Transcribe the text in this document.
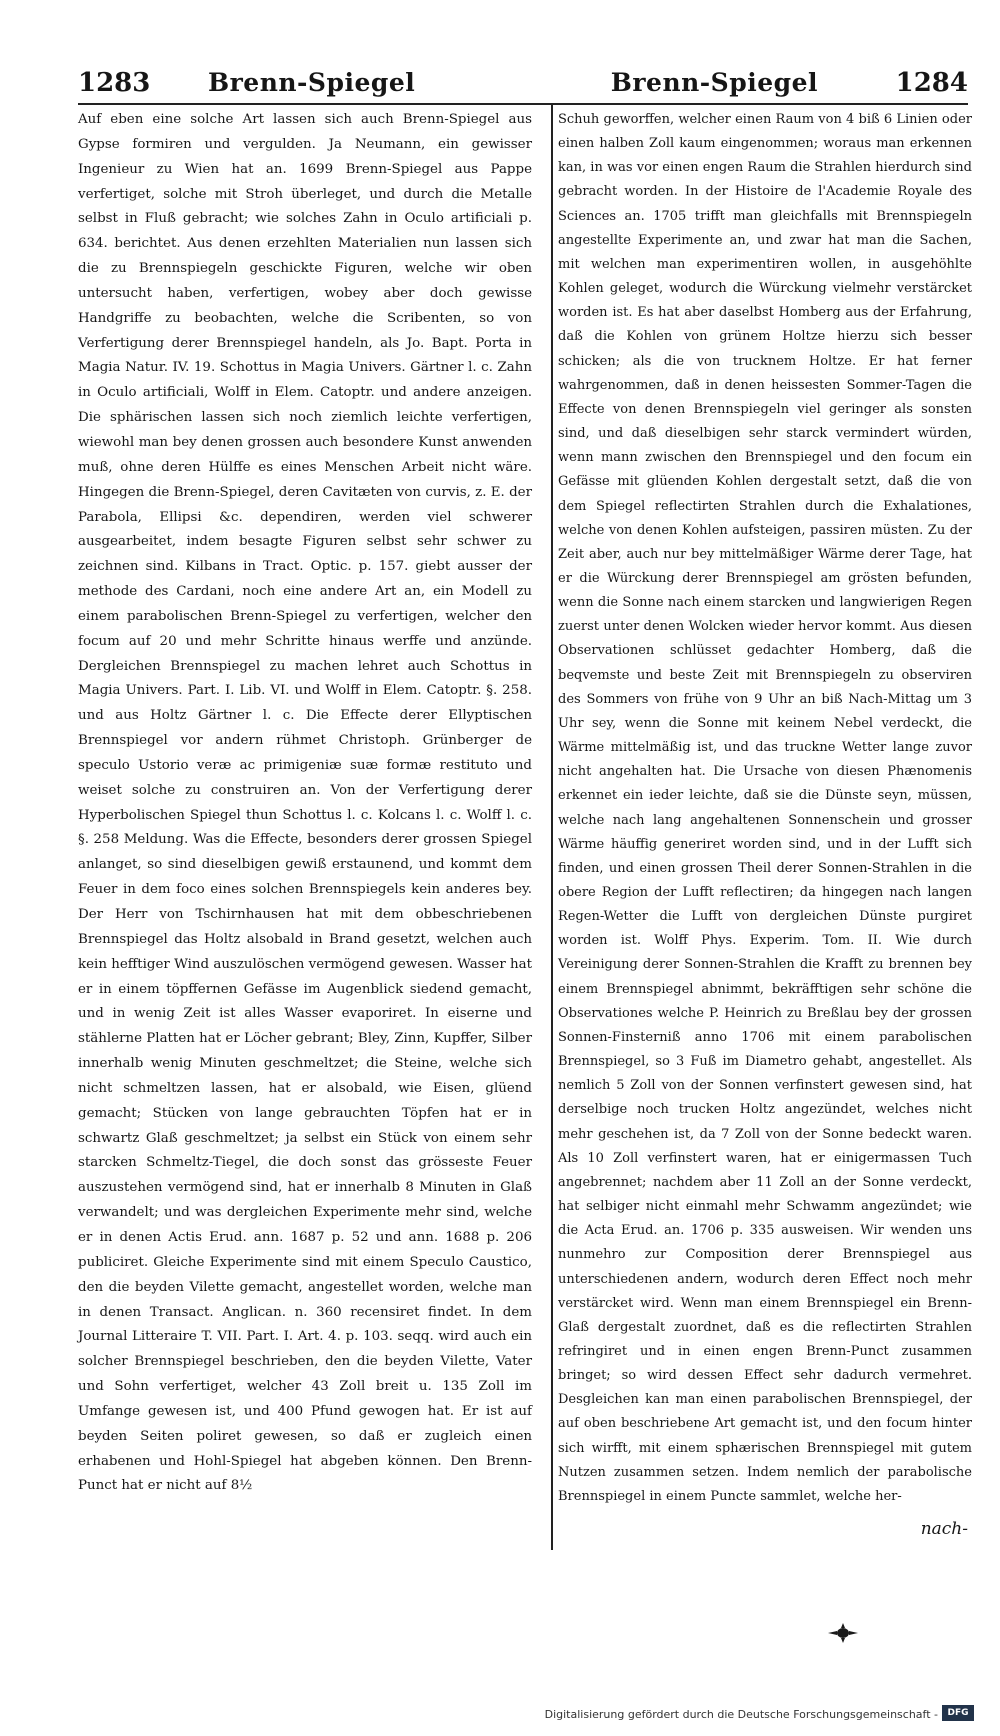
1283 Brenn-Spiegel	Brenn-Spiegel	1284

Auf eben eine solche Art lassen sich auch Brenn-Spiegel aus Gypse formiren und vergulden. Ja Neumann, ein gewisser Ingenieur zu Wien hat an. 1699 Brenn-Spiegel aus Pappe verfertiget, solche mit Stroh überleget, und durch die Metalle selbst in Fluß gebracht; wie solches Zahn in Oculo artificiali p. 634. berichtet. Aus denen erzehlten Materialien nun lassen sich die zu Brennspiegeln geschickte Figuren, welche wir oben untersucht haben, verfertigen, wobey aber doch gewisse Handgriffe zu beobachten, welche die Scribenten, so von Verfertigung derer Brennspiegel handeln, als Jo. Bapt. Porta in Magia Natur. IV. 19. Schottus in Magia Univers. Gärtner l. c. Zahn in Oculo artificiali, Wolff in Elem. Catoptr. und andere anzeigen. Die sphärischen lassen sich noch ziemlich leichte verfertigen, wiewohl man bey denen grossen auch besondere Kunst anwenden muß, ohne deren Hülffe es eines Menschen Arbeit nicht wäre. Hingegen die Brenn-Spiegel, deren Cavitæten von curvis, z. E. der Parabola, Ellipsi &c. dependiren, werden viel schwerer ausgearbeitet, indem besagte Figuren selbst sehr schwer zu zeichnen sind. Kilbans in Tract. Optic. p. 157. giebt ausser der methode des Cardani, noch eine andere Art an, ein Modell zu einem parabolischen Brenn-Spiegel zu verfertigen, welcher den focum auf 20 und mehr Schritte hinaus werffe und anzünde. Dergleichen Brennspiegel zu machen lehret auch Schottus in Magia Univers. Part. I. Lib. VI. und Wolff in Elem. Catoptr. §. 258. und aus Holtz Gärtner l. c. Die Effecte derer Ellyptischen Brennspiegel vor andern rühmet Christoph. Grünberger de speculo Ustorio veræ ac primigeniæ suæ formæ restituto und weiset solche zu construiren an. Von der Verfertigung derer Hyperbolischen Spiegel thun Schottus l. c. Kolcans l. c. Wolff l. c. §. 258 Meldung. Was die Effecte, besonders derer grossen Spiegel anlanget, so sind dieselbigen gewiß erstaunend, und kommt dem Feuer in dem foco eines solchen Brennspiegels kein anderes bey. Der Herr von Tschirnhausen hat mit dem obbeschriebenen Brennspiegel das Holtz alsobald in Brand gesetzt, welchen auch kein hefftiger Wind auszulöschen vermögend gewesen. Wasser hat er in einem töpffernen Gefässe im Augenblick siedend gemacht, und in wenig Zeit ist alles Wasser evaporiret. In eiserne und stählerne Platten hat er Löcher gebrant; Bley, Zinn, Kupffer, Silber innerhalb wenig Minuten geschmeltzet; die Steine, welche sich nicht schmeltzen lassen, hat er alsobald, wie Eisen, glüend gemacht; Stücken von lange gebrauchten Töpfen hat er in schwartz Glaß geschmeltzet; ja selbst ein Stück von einem sehr starcken Schmeltz-Tiegel, die doch sonst das grösseste Feuer auszustehen vermögend sind, hat er innerhalb 8 Minuten in Glaß verwandelt; und was dergleichen Experimente mehr sind, welche er in denen Actis Erud. ann. 1687 p. 52 und ann. 1688 p. 206 publiciret. Gleiche Experimente sind mit einem Speculo Caustico, den die beyden Vilette gemacht, angestellet worden, welche man in denen Transact. Anglican. n. 360 recensiret findet. In dem Journal Litteraire T. VII. Part. I. Art. 4. p. 103. seqq. wird auch ein solcher Brennspiegel beschrieben, den die beyden Vilette, Vater und Sohn verfertiget, welcher 43 Zoll breit u. 135 Zoll im Umfange gewesen ist, und 400 Pfund gewogen hat. Er ist auf beyden Seiten poliret gewesen, so daß er zugleich einen erhabenen und Hohl-Spiegel hat abgeben können. Den Brenn-Punct hat er nicht auf 8½

Schuh geworffen, welcher einen Raum von 4 biß 6 Linien oder einen halben Zoll kaum eingenommen; woraus man erkennen kan, in was vor einen engen Raum die Strahlen hierdurch sind gebracht worden. In der Histoire de l'Academie Royale des Sciences an. 1705 trifft man gleichfalls mit Brennspiegeln angestellte Experimente an, und zwar hat man die Sachen, mit welchen man experimentiren wollen, in ausgehöhlte Kohlen geleget, wodurch die Würckung vielmehr verstärcket worden ist. Es hat aber daselbst Homberg aus der Erfahrung, daß die Kohlen von grünem Holtze hierzu sich besser schicken; als die von trucknem Holtze. Er hat ferner wahrgenommen, daß in denen heissesten Sommer-Tagen die Effecte von denen Brennspiegeln viel geringer als sonsten sind, und daß dieselbigen sehr starck vermindert würden, wenn mann zwischen den Brennspiegel und den focum ein Gefässe mit glüenden Kohlen dergestalt setzt, daß die von dem Spiegel reflectirten Strahlen durch die Exhalationes, welche von denen Kohlen aufsteigen, passiren müsten. Zu der Zeit aber, auch nur bey mittelmäßiger Wärme derer Tage, hat er die Würckung derer Brennspiegel am grösten befunden, wenn die Sonne nach einem starcken und langwierigen Regen zuerst unter denen Wolcken wieder hervor kommt. Aus diesen Observationen schlüsset gedachter Homberg, daß die beqvemste und beste Zeit mit Brennspiegeln zu observiren des Sommers von frühe von 9 Uhr an biß Nach-Mittag um 3 Uhr sey, wenn die Sonne mit keinem Nebel verdeckt, die Wärme mittelmäßig ist, und das truckne Wetter lange zuvor nicht angehalten hat. Die Ursache von diesen Phænomenis erkennet ein ieder leichte, daß sie die Dünste seyn, müssen, welche nach lang angehaltenen Sonnenschein und grosser Wärme häuffig generiret worden sind, und in der Lufft sich finden, und einen grossen Theil derer Sonnen-Strahlen in die obere Region der Lufft reflectiren; da hingegen nach langen Regen-Wetter die Lufft von dergleichen Dünste purgiret worden ist. Wolff Phys. Experim. Tom. II. Wie durch Vereinigung derer Sonnen-Strahlen die Krafft zu brennen bey einem Brennspiegel abnimmt, bekräfftigen sehr schöne die Observationes welche P. Heinrich zu Breßlau bey der grossen Sonnen-Finsterniß anno 1706 mit einem parabolischen Brennspiegel, so 3 Fuß im Diametro gehabt, angestellet. Als nemlich 5 Zoll von der Sonnen verfinstert gewesen sind, hat derselbige noch trucken Holtz angezündet, welches nicht mehr geschehen ist, da 7 Zoll von der Sonne bedeckt waren. Als 10 Zoll verfinstert waren, hat er einigermassen Tuch angebrennet; nachdem aber 11 Zoll an der Sonne verdeckt, hat selbiger nicht einmahl mehr Schwamm angezündet; wie die Acta Erud. an. 1706 p. 335 ausweisen. Wir wenden uns nunmehro zur Composition derer Brennspiegel aus unterschiedenen andern, wodurch deren Effect noch mehr verstärcket wird. Wenn man einem Brennspiegel ein Brenn-Glaß dergestalt zuordnet, daß es die reflectirten Strahlen refringiret und in einen engen Brenn-Punct zusammen bringet; so wird dessen Effect sehr dadurch vermehret. Desgleichen kan man einen parabolischen Brennspiegel, der auf oben beschriebene Art gemacht ist, und den focum hinter sich wirfft, mit einem sphærischen Brennspiegel mit gutem Nutzen zusammen setzen. Indem nemlich der parabolische Brennspiegel in einem Puncte sammlet, welche her-

nach-
Digitalisierung gefördert durch die Deutsche Forschungsgemeinschaft -	DFG
